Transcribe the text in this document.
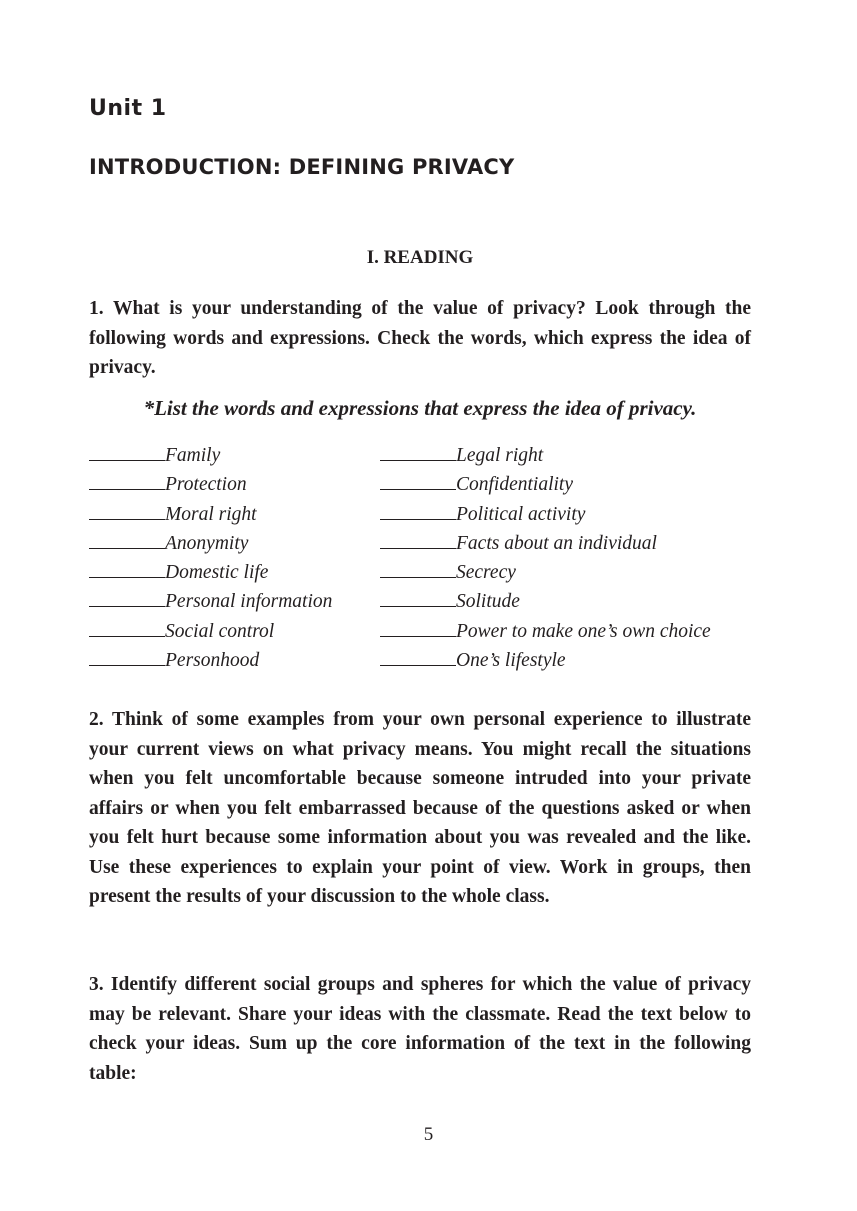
Unit 1
INTRODUCTION: DEFINING PRIVACY
I. READING

1. What is your understanding of the value of privacy? Look through the following words and expressions. Check the words, which express the idea of privacy.

*List the words and expressions that express the idea of privacy.

Family
Protection
Moral right
Anonymity
Domestic life
Personal information
Social control
Personhood
Legal right
Confidentiality
Political activity
Facts about an individual
Secrecy
Solitude
Power to make one’s own choice
One’s lifestyle

2. Think of some examples from your own personal experience to illustrate your current views on what privacy means. You might recall the situations when you felt uncomfortable because someone intruded into your private affairs or when you felt embarrassed because of the questions asked or when you felt hurt because some information about you was revealed and the like. Use these experiences to explain your point of view. Work in groups, then present the results of your discussion to the whole class.

3. Identify different social groups and spheres for which the value of privacy may be relevant. Share your ideas with the classmate. Read the text below to check your ideas. Sum up the core information of the text in the following table:

5
